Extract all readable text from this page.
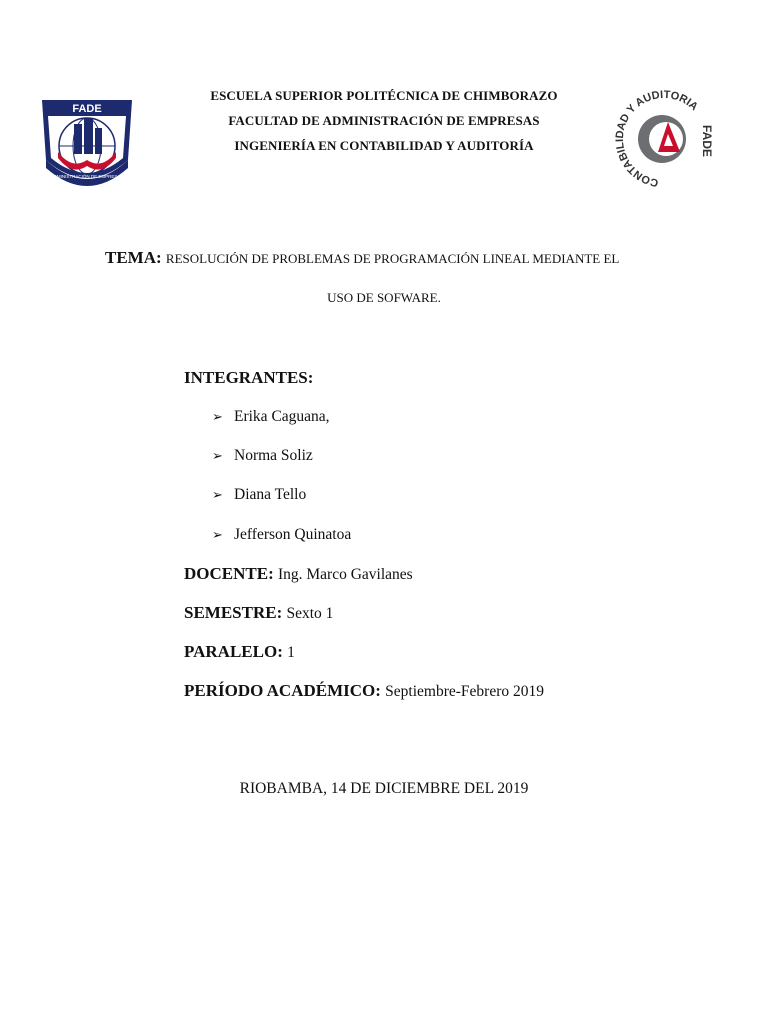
ESCUELA SUPERIOR POLITÉCNICA DE CHIMBORAZO
FACULTAD DE ADMINISTRACIÓN DE EMPRESAS
INGENIERÍA EN CONTABILIDAD Y AUDITORÍA
FADE
ADMINISTRACIÓN DE EMPRESAS	CONTABILIDAD Y AUDITORIA
FADE
TEMA: RESOLUCIÓN DE PROBLEMAS DE PROGRAMACIÓN LINEAL MEDIANTE EL
USO DE SOFWARE.
INTEGRANTES:
➢ Erika Caguana,
➢ Norma Soliz
➢ Diana Tello
➢ Jefferson Quinatoa
DOCENTE: Ing. Marco Gavilanes
SEMESTRE: Sexto 1
PARALELO: 1
PERÍODO ACADÉMICO: Septiembre-Febrero 2019
RIOBAMBA, 14 DE DICIEMBRE DEL 2019
